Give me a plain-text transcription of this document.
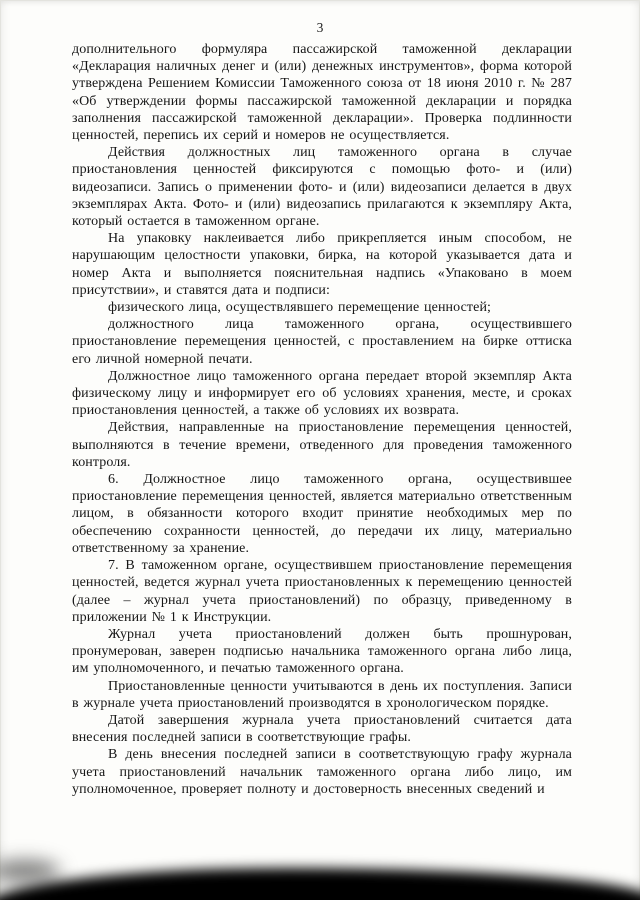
3

дополнительного формуляра пассажирской таможенной декларации «Декларация наличных денег и (или) денежных инструментов», форма которой утверждена Решением Комиссии Таможенного союза от 18 июня 2010 г. № 287 «Об утверждении формы пассажирской таможенной декларации и порядка заполнения пассажирской таможенной декларации». Проверка подлинности ценностей, перепись их серий и номеров не осуществляется.

Действия должностных лиц таможенного органа в случае приостановления ценностей фиксируются с помощью фото- и (или) видеозаписи. Запись о применении фото- и (или) видеозаписи делается в двух экземплярах Акта. Фото- и (или) видеозапись прилагаются к экземпляру Акта, который остается в таможенном органе.

На упаковку наклеивается либо прикрепляется иным способом, не нарушающим целостности упаковки, бирка, на которой указывается дата и номер Акта и выполняется пояснительная надпись «Упаковано в моем присутствии», и ставятся дата и подписи:

физического лица, осуществлявшего перемещение ценностей;

должностного лица таможенного органа, осуществившего приостановление перемещения ценностей, с проставлением на бирке оттиска его личной номерной печати.

Должностное лицо таможенного органа передает второй экземпляр Акта физическому лицу и информирует его об условиях хранения, месте, и сроках приостановления ценностей, а также об условиях их возврата.

Действия, направленные на приостановление перемещения ценностей, выполняются в течение времени, отведенного для проведения таможенного контроля.

6. Должностное лицо таможенного органа, осуществившее приостановление перемещения ценностей, является материально ответственным лицом, в обязанности которого входит принятие необходимых мер по обеспечению сохранности ценностей, до передачи их лицу, материально ответственному за хранение.

7. В таможенном органе, осуществившем приостановление перемещения ценностей, ведется журнал учета приостановленных к перемещению ценностей (далее – журнал учета приостановлений) по образцу, приведенному в приложении № 1 к Инструкции.

Журнал учета приостановлений должен быть прошнурован, пронумерован, заверен подписью начальника таможенного органа либо лица, им уполномоченного, и печатью таможенного органа.

Приостановленные ценности учитываются в день их поступления. Записи в журнале учета приостановлений производятся в хронологическом порядке.

Датой завершения журнала учета приостановлений считается дата внесения последней записи в соответствующие графы.

В день внесения последней записи в соответствующую графу журнала учета приостановлений начальник таможенного органа либо лицо, им уполномоченное, проверяет полноту и достоверность внесенных сведений и
